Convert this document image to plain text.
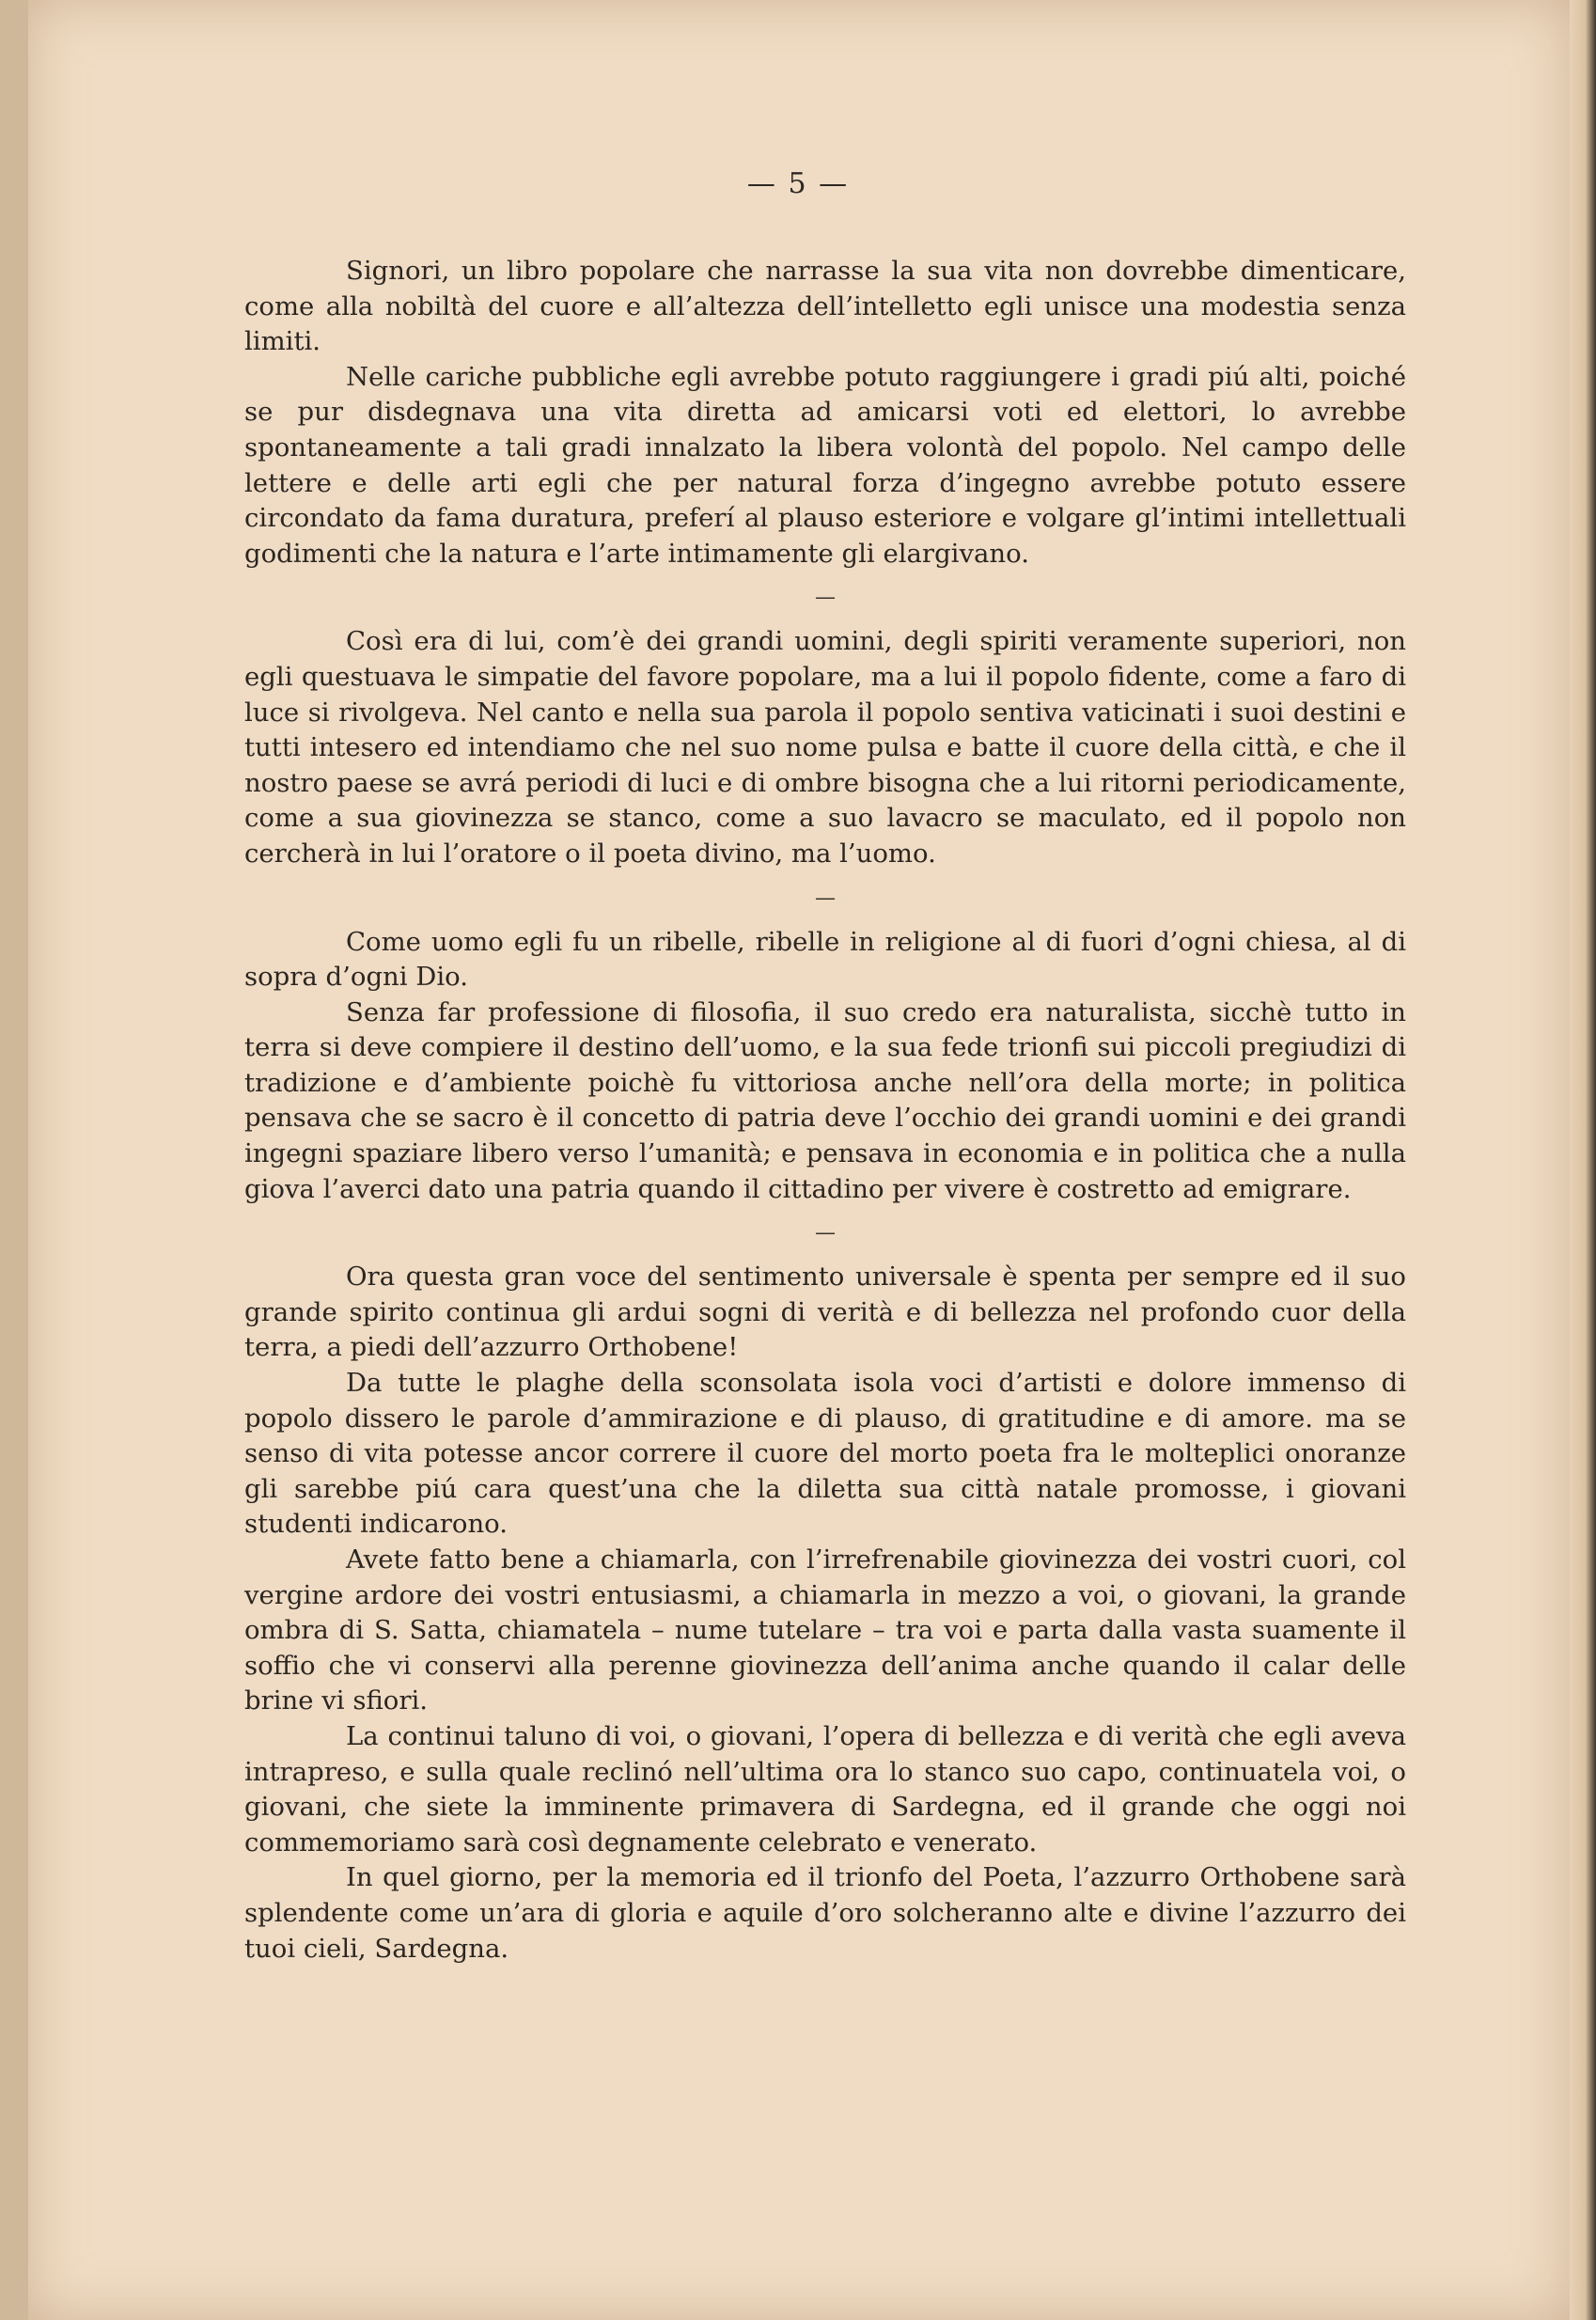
— 5 —

Signori, un libro popolare che narrasse la sua vita non dovrebbe dimenticare, come alla nobiltà del cuore e all’altezza dell’intelletto egli unisce una modestia senza limiti.

Nelle cariche pubbliche egli avrebbe potuto raggiungere i gradi piú alti, poiché se pur disdegnava una vita diretta ad amicarsi voti ed elettori, lo avrebbe spontaneamente a tali gradi innalzato la libera volontà del popolo. Nel campo delle lettere e delle arti egli che per natural forza d’ingegno avrebbe potuto essere circondato da fama duratura, preferí al plauso esteriore e volgare gl’intimi intellettuali godimenti che la natura e l’arte intimamente gli elargivano.

—

Così era di lui, com’è dei grandi uomini, degli spiriti veramente superiori, non egli questuava le simpatie del favore popolare, ma a lui il popolo fidente, come a faro di luce si rivolgeva. Nel canto e nella sua parola il popolo sentiva vaticinati i suoi destini e tutti intesero ed intendiamo che nel suo nome pulsa e batte il cuore della città, e che il nostro paese se avrá periodi di luci e di ombre bisogna che a lui ritorni periodicamente, come a sua giovinezza se stanco, come a suo lavacro se maculato, ed il popolo non cercherà in lui l’oratore o il poeta divino, ma l’uomo.

—

Come uomo egli fu un ribelle, ribelle in religione al di fuori d’ogni chiesa, al di sopra d’ogni Dio.

Senza far professione di filosofia, il suo credo era naturalista, sicchè tutto in terra si deve compiere il destino dell’uomo, e la sua fede trionfi sui piccoli pregiudizi di tradizione e d’ambiente poichè fu vittoriosa anche nell’ora della morte; in politica pensava che se sacro è il concetto di patria deve l’occhio dei grandi uomini e dei grandi ingegni spaziare libero verso l’umanità; e pensava in economia e in politica che a nulla giova l’averci dato una patria quando il cittadino per vivere è costretto ad emigrare.

—

Ora questa gran voce del sentimento universale è spenta per sempre ed il suo grande spirito continua gli ardui sogni di verità e di bellezza nel profondo cuor della terra, a piedi dell’azzurro Orthobene!

Da tutte le plaghe della sconsolata isola voci d’artisti e dolore immenso di popolo dissero le parole d’ammirazione e di plauso, di gratitudine e di amore. ma se senso di vita potesse ancor correre il cuore del morto poeta fra le molteplici onoranze gli sarebbe piú cara quest’una che la diletta sua città natale promosse, i giovani studenti indicarono.

Avete fatto bene a chiamarla, con l’irrefrenabile giovinezza dei vostri cuori, col vergine ardore dei vostri entusiasmi, a chiamarla in mezzo a voi, o giovani, la grande ombra di S. Satta, chiamatela – nume tutelare – tra voi e parta dalla vasta suamente il soffio che vi conservi alla perenne giovinezza dell’anima anche quando il calar delle brine vi sfiori.

La continui taluno di voi, o giovani, l’opera di bellezza e di verità che egli aveva intrapreso, e sulla quale reclinó nell’ultima ora lo stanco suo capo, continuatela voi, o giovani, che siete la imminente primavera di Sardegna, ed il grande che oggi noi commemoriamo sarà così degnamente celebrato e venerato.

In quel giorno, per la memoria ed il trionfo del Poeta, l’azzurro Orthobene sarà splendente come un’ara di gloria e aquile d’oro solcheranno alte e divine l’azzurro dei tuoi cieli, Sardegna.
